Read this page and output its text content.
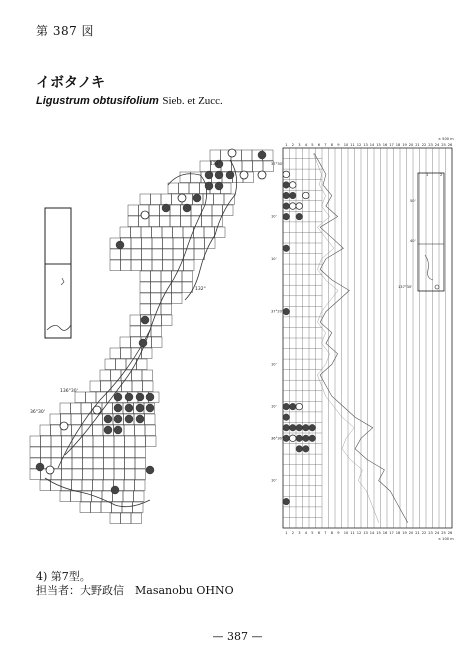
第 387 図
イボタノキ
Ligustrum obtusifolium Sieb. et Zucc.
133°
132°
136°30'
36°30'
1 2 3 4 5 6 7 8 9 10 11 12 13 14 15 16 17 18 19 20 21 22 23 24 25 26
1 2 3 4 5 6 7 8 9 10 11 12 13 14 15 16 17 18 19 20 21 22 23 24 25 26
37°30'
10'
10'
37°20'
10'
10'
36°30'
10'
× 500 m
× 100 m
1	2
50'
40'
137°30'
4) 第7型。
担当者：大野政信　Masanobu OHNO
— 387 —
